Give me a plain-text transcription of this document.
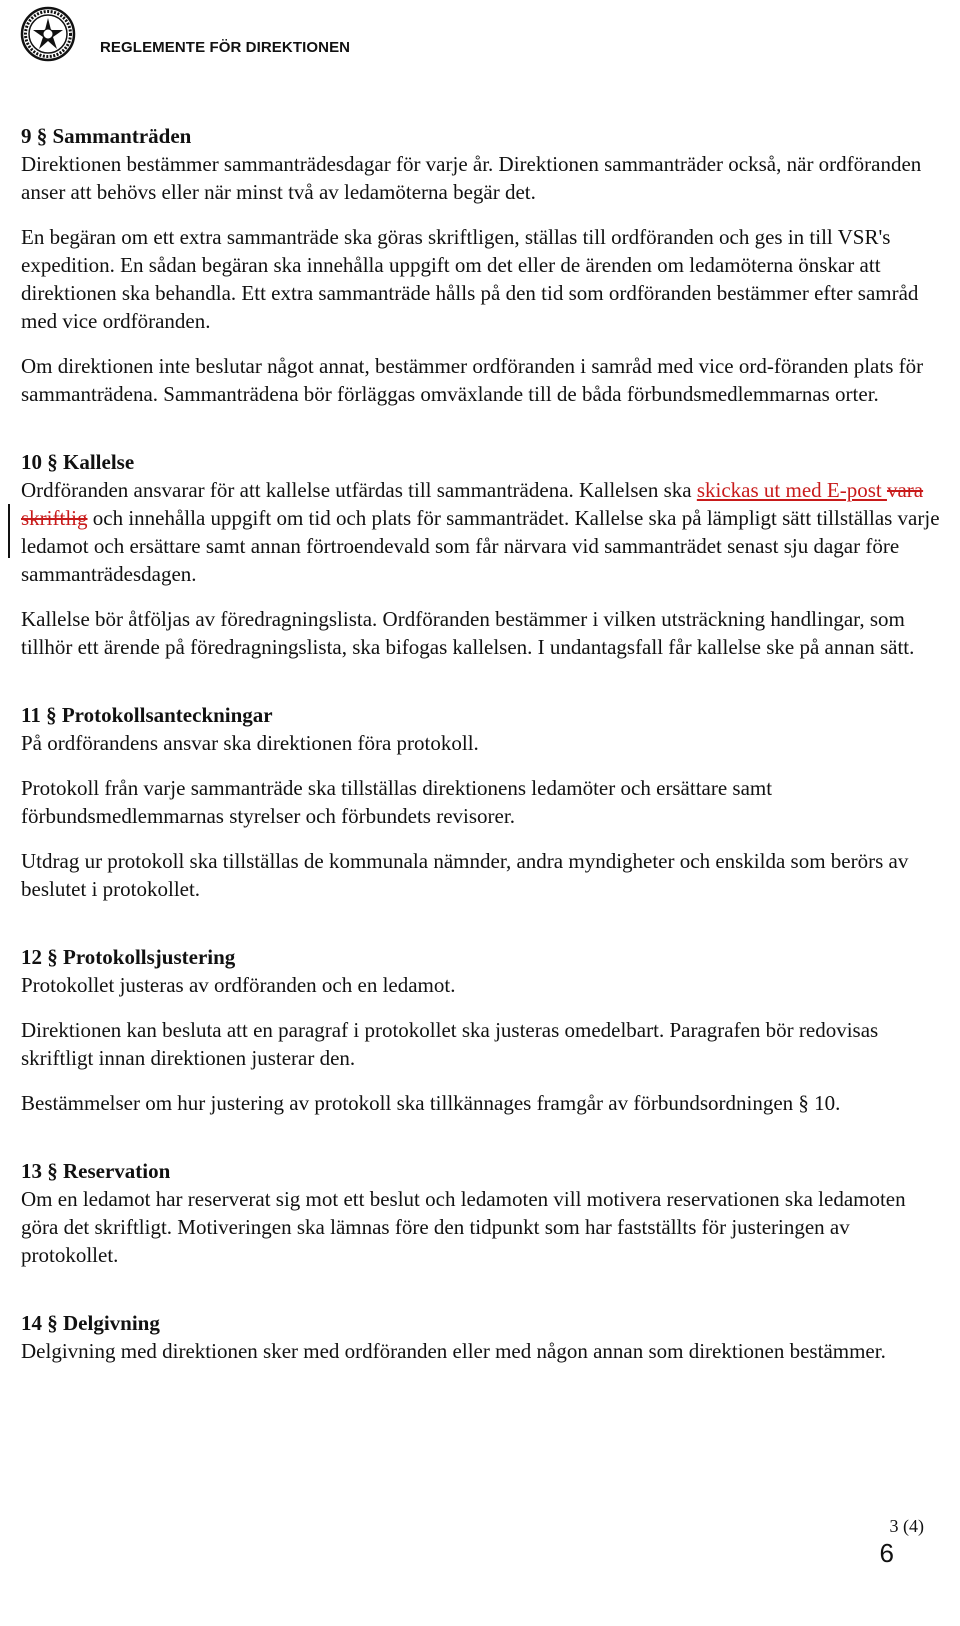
REGLEMENTE FÖR DIREKTIONEN

9 § Sammanträden

Direktionen bestämmer sammanträdesdagar för varje år. Direktionen sammanträder också, när ordföranden anser att behövs eller när minst två av ledamöterna begär det.

En begäran om ett extra sammanträde ska göras skriftligen, ställas till ordföranden och ges in till VSR's expedition. En sådan begäran ska innehålla uppgift om det eller de ärenden om ledamöterna önskar att direktionen ska behandla. Ett extra sammanträde hålls på den tid som ordföranden bestämmer efter samråd med vice ordföranden.

Om direktionen inte beslutar något annat, bestämmer ordföranden i samråd med vice ord-föranden plats för sammanträdena. Sammanträdena bör förläggas omväxlande till de båda förbundsmedlemmarnas orter.

10 § Kallelse

Ordföranden ansvarar för att kallelse utfärdas till sammanträdena. Kallelsen ska skickas ut med E-post vara skriftlig och innehålla uppgift om tid och plats för sammanträdet. Kallelse ska på lämpligt sätt tillställas varje ledamot och ersättare samt annan förtroendevald som får närvara vid sammanträdet senast sju dagar före sammanträdesdagen.

Kallelse bör åtföljas av föredragningslista. Ordföranden bestämmer i vilken utsträckning handlingar, som tillhör ett ärende på föredragningslista, ska bifogas kallelsen. I undantagsfall får kallelse ske på annan sätt.

11 § Protokollsanteckningar

På ordförandens ansvar ska direktionen föra protokoll.

Protokoll från varje sammanträde ska tillställas direktionens ledamöter och ersättare samt förbundsmedlemmarnas styrelser och förbundets revisorer.

Utdrag ur protokoll ska tillställas de kommunala nämnder, andra myndigheter och enskilda som berörs av beslutet i protokollet.

12 § Protokollsjustering

Protokollet justeras av ordföranden och en ledamot.

Direktionen kan besluta att en paragraf i protokollet ska justeras omedelbart. Paragrafen bör redovisas skriftligt innan direktionen justerar den.

Bestämmelser om hur justering av protokoll ska tillkännages framgår av förbundsordningen § 10.

13 § Reservation

Om en ledamot har reserverat sig mot ett beslut och ledamoten vill motivera reservationen ska ledamoten göra det skriftligt. Motiveringen ska lämnas före den tidpunkt som har fastställts för justeringen av protokollet.

14 § Delgivning

Delgivning med direktionen sker med ordföranden eller med någon annan som direktionen bestämmer.

3 (4)
6
